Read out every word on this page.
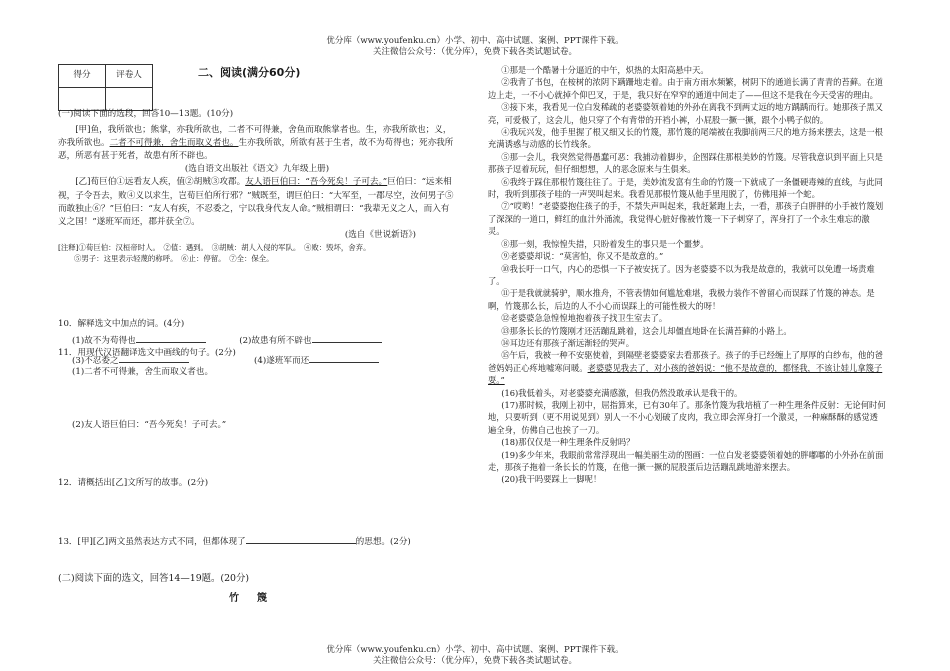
优分库（www.youfenku.cn）小学、初中、高中试题、案例、PPT课件下载。
关注微信公众号：（优分库），免费下载各类试题试卷。
得分	评卷人
		二、阅读(满分60分)

(一)阅读下面的选段，回答10—13题。(10分)

[甲]鱼，我所欲也；熊掌，亦我所欲也，二者不可得兼，舍鱼而取熊掌者也。生，亦我所欲也；义，亦我所欲也。二者不可得兼，舍生而取义者也。生亦我所欲，所欲有甚于生者，故不为苟得也；死亦我所恶，所恶有甚于死者，故患有所不辟也。

(选自语文出版社《语文》九年级上册)

[乙]荀巨伯①远看友人疾，值②胡贼③攻郡。友人语巨伯曰：“吾今死矣！子可去。”巨伯曰：“远来相视，子令吾去，败④义以求生，岂荀巨伯所行邪？”贼既至，谓巨伯曰：“大军至，一郡尽空，汝何男子⑤而敢独止⑥？”巨伯曰：“友人有疾，不忍委之，宁以我身代友人命。”贼相谓曰：“我辈无义之人，而入有义之国！”遂班军而还，郡并获全⑦。

(选自《世说新语》)

[注释]①荀巨伯：汉桓帝时人。　②值：遇到。　③胡贼：胡人入侵的军队。　④败：毁坏，舍弃。

⑤男子：这里表示轻蔑的称呼。　⑥止：停留。　⑦全：保全。

10．解释选文中加点的词。(4分)

(1)故不为苟得也	(2)故患有所不辟也

(3)不忍委之	(4)遂班军而还

11．用现代汉语翻译选文中画线的句子。(2分)

(1)二者不可得兼，舍生而取义者也。

(2)友人语巨伯曰：“吾今死矣！子可去。”

12．请概括出[乙]文所写的故事。(2分)

13．[甲][乙]两文虽然表达方式不同，但都体现了	的思想。(2分)

(二)阅读下面的选文，回答14—19题。(20分)

竹篾

①那是一个酷暑十分逼近的中午，炽热的太阳高悬中天。

②我背了书包，在桉树的浓阴下蹒跚地走着。由于南方雨水频繁，树阴下的通道长满了青青的苔藓。在道边上走，一不小心就掉个仰巴叉，于是，我只好在窄窄的通道中间走了——但这不是我在今天受害的理由。

③接下来，我看见一位白发稀疏的老婆婆领着她的外孙在离我不到两丈远的地方踽踽而行。她那孩子黑又亮，可爱极了，这会儿，他只穿了个有背带的开裆小裤，小屁股一撅一撅，跟个小鸭子似的。

④我玩兴发，他手里握了根又细又长的竹篾，那竹篾的尾端被在我脚前两三尺的地方扬来摆去，这是一根充满诱惑与动感的长竹线条。

⑤那一会儿，我突然觉得愚蠢可恶：我捕动着脚步，企图踩住那根美妙的竹篾。尽管我意识到平面上只是那孩子逗着玩玩，但仔细想想，人的恶念原来与生俱来。

⑥我终于踩住那根竹篾往往了。于是，美妙流发富有生命的竹篾一下就成了一条僵硬毒辣的直线，与此同时，我听到那孩子哇的一声哭叫起来。我看见那根竹篾从他手里甩脱了，仿佛甩掉一个蛇。

⑦“哎哟！”老婆婆抱住孩子的手，不禁失声叫起来，我赶紧跑上去，一看，那孩子白胖胖的小手被竹篾划了深深的一道口，鲜红的血汁外涌流，我觉得心脏好像被竹篾一下子刺穿了，浑身打了一个永生难忘的激灵。

⑧那一刻，我惊惶失措，只盼着发生的事只是一个噩梦。

⑨老婆婆却说：“莫害怕，你又不是故意的。”

⑩我长吁一口气，内心的恐惧一下子被安抚了。因为老婆婆不以为我是故意的，我就可以免遭一场责难了。

⑪于是我就就骑驴，顺水推舟，不管表情如何尴尬难堪，我极力装作不曾留心而误踩了竹篾的神态。是啊，竹篾那么长，后边的人不小心而误踩上的可能性极大的呀！

⑫老婆婆急急惶惶地抱着孩子找卫生室去了。

⑬那条长长的竹篾刚才还活蹦乱跳着，这会儿却僵直地卧在长满苔藓的小路上。

⑭耳边还有那孩子渐远渐轻的哭声。

⑮午后，我被一种不安驱使着，到隔壁老婆婆家去看那孩子。孩子的手已经缠上了厚厚的白纱布，他的爸爸妈妈正心疼地嘘寒问暖。老婆婆见我去了，对小孩的爸妈说：“他不是故意的，都怪我，不该让娃儿拿篾子耍。”

(16)我低着头，对老婆婆充满感激，但我仍然没敢承认是我干的。

(17)那时候，我刚上初中，屈指算来，已有30年了。那条竹篾为我培植了一种生理条件反射：无论何时何地，只要听到（更不用说见到）别人一不小心划破了皮肉，我立即会浑身打一个激灵，一种麻酥酥的感觉透遍全身，仿佛自己也挨了一刀。

(18)那仅仅是一种生理条件反射吗？

(19)多少年来，我眼前常常浮现出一幅美丽生动的图画：一位白发老婆婆领着她的胖嘟嘟的小外孙在前面走，那孩子拖着一条长长的竹篾，在他一撅一撅的屁股蛋后边活蹦乱跳地游来摆去。

(20)我干吗要踩上一脚呢！

优分库（www.youfenku.cn）小学、初中、高中试题、案例、PPT课件下载。
关注微信公众号：（优分库），免费下载各类试题试卷。
